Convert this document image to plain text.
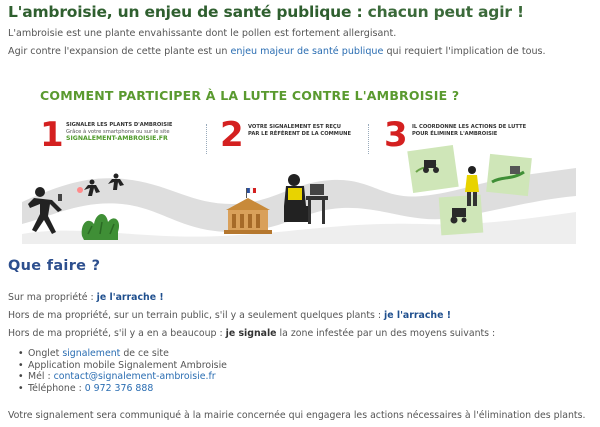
L'ambroisie, un enjeu de santé publique : chacun peut agir !
L'ambroisie est une plante envahissante dont le pollen est fortement allergisant.
Agir contre l'expansion de cette plante est un enjeu majeur de santé publique qui requiert l'implication de tous.
COMMENT PARTICIPER À LA LUTTE CONTRE L'AMBROISIE ?
1 SIGNALER LES PLANTS D'AMBROISIE
Grâce à votre smartphone ou sur le site
SIGNALEMENT-AMBROISIE.FR 2 VOTRE SIGNALEMENT EST REÇU
PAR LE RÉFÉRENT DE LA COMMUNE 3 IL COORDONNE LES ACTIONS DE LUTTE
POUR ÉLIMINER L'AMBROISIE
Que faire ?
Sur ma propriété : je l'arrache !
Hors de ma propriété, sur un terrain public, s'il y a seulement quelques plants : je l'arrache !
Hors de ma propriété, s'il y a en a beaucoup : je signale la zone infestée par un des moyens suivants :
• Onglet signalement de ce site
• Application mobile Signalement Ambroisie
• Mél : contact@signalement-ambroisie.fr
• Téléphone : 0 972 376 888
Votre signalement sera communiqué à la mairie concernée qui engagera les actions nécessaires à l'élimination des plants.
